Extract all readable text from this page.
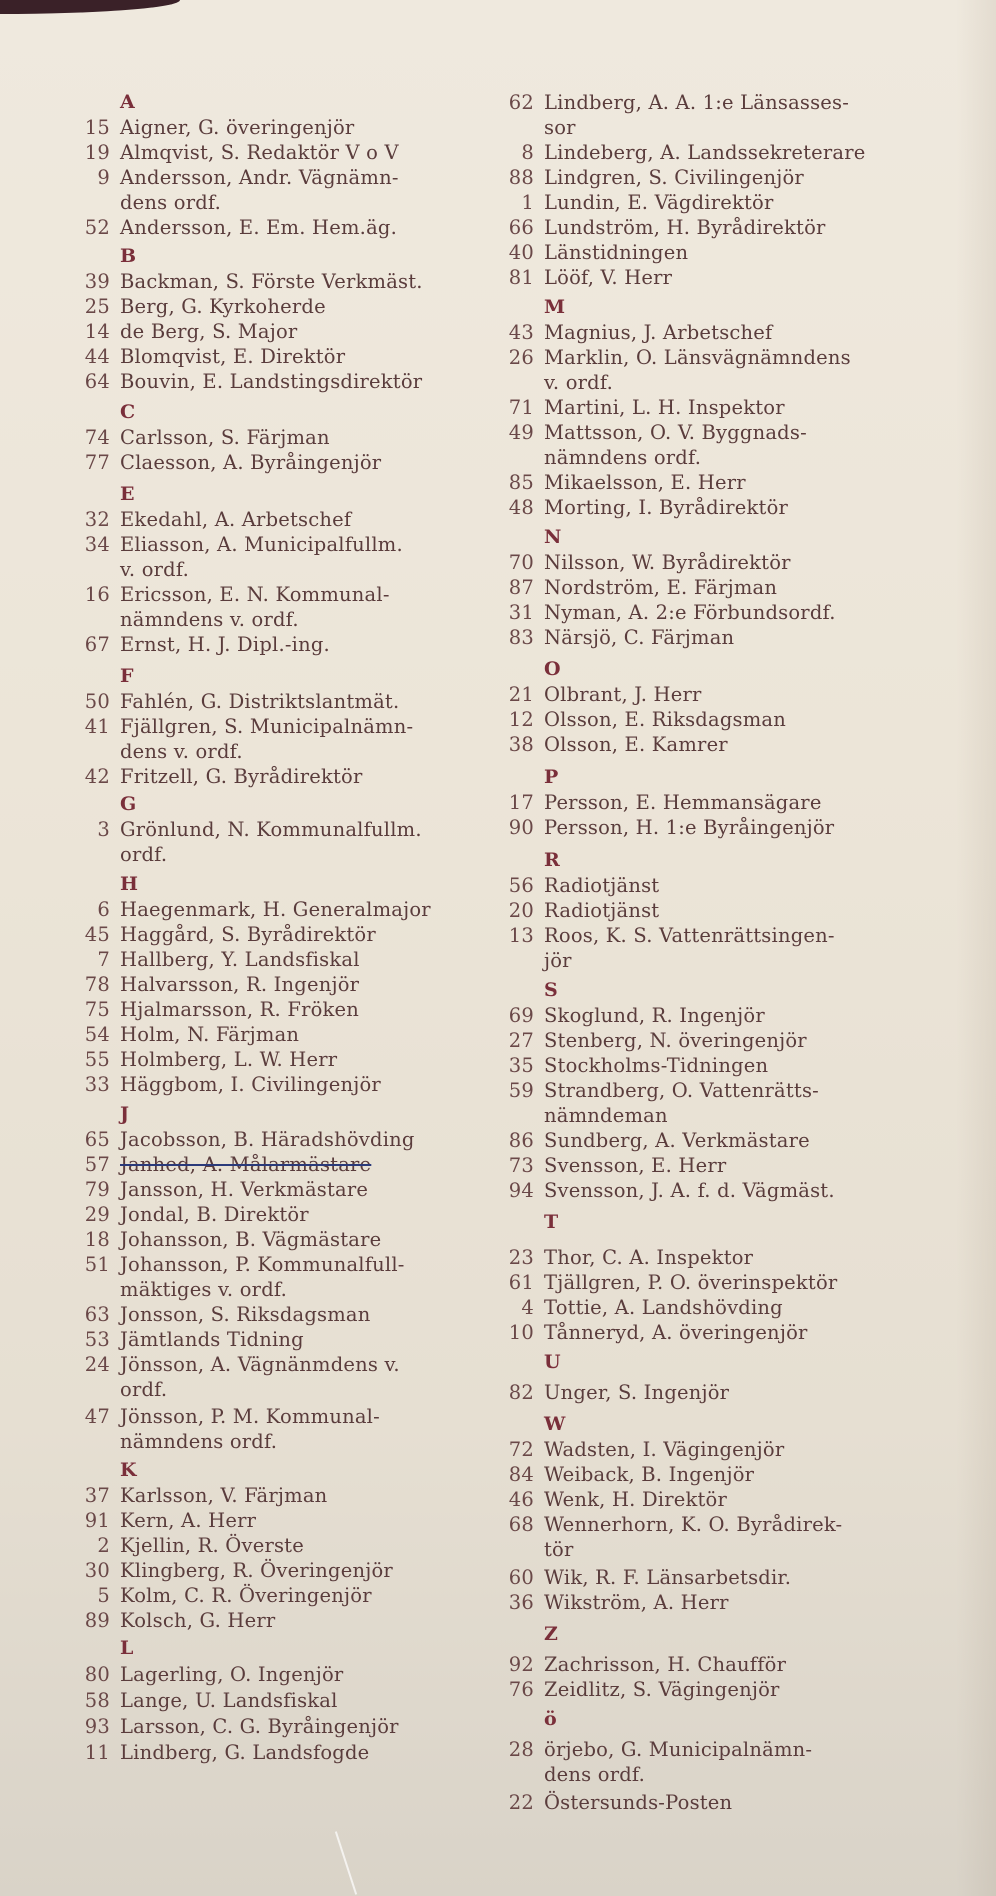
A
15 Aigner, G. överingenjör
19 Almqvist, S. Redaktör V o V
9 Andersson, Andr. Vägnämn-
dens ordf.
52 Andersson, E. Em. Hem.äg.
B
39 Backman, S. Förste Verkmäst.
25 Berg, G. Kyrkoherde
14 de Berg, S. Major
44 Blomqvist, E. Direktör
64 Bouvin, E. Landstingsdirektör
C
74 Carlsson, S. Färjman
77 Claesson, A. Byråingenjör
E
32 Ekedahl, A. Arbetschef
34 Eliasson, A. Municipalfullm.
v. ordf.
16 Ericsson, E. N. Kommunal-
nämndens v. ordf.
67 Ernst, H. J. Dipl.-ing.
F
50 Fahlén, G. Distriktslantmät.
41 Fjällgren, S. Municipalnämn-
dens v. ordf.
42 Fritzell, G. Byrådirektör
G
3 Grönlund, N. Kommunalfullm.
ordf.
H
6 Haegenmark, H. Generalmajor
45 Haggård, S. Byrådirektör
7 Hallberg, Y. Landsfiskal
78 Halvarsson, R. Ingenjör
75 Hjalmarsson, R. Fröken
54 Holm, N. Färjman
55 Holmberg, L. W. Herr
33 Häggbom, I. Civilingenjör
J
65 Jacobsson, B. Häradshövding
57 Janhed, A. Målarmästare
79 Jansson, H. Verkmästare
29 Jondal, B. Direktör
18 Johansson, B. Vägmästare
51 Johansson, P. Kommunalfull-
mäktiges v. ordf.
63 Jonsson, S. Riksdagsman
53 Jämtlands Tidning
24 Jönsson, A. Vägnänmdens v.
ordf.
47 Jönsson, P. M. Kommunal-
nämndens ordf.
K
37 Karlsson, V. Färjman
91 Kern, A. Herr
2 Kjellin, R. Överste
30 Klingberg, R. Överingenjör
5 Kolm, C. R. Överingenjör
89 Kolsch, G. Herr
L
80 Lagerling, O. Ingenjör
58 Lange, U. Landsfiskal
93 Larsson, C. G. Byråingenjör
11 Lindberg, G. Landsfogde
62 Lindberg, A. A. 1:e Länsasses-
sor
8 Lindeberg, A. Landssekreterare
88 Lindgren, S. Civilingenjör
1 Lundin, E. Vägdirektör
66 Lundström, H. Byrådirektör
40 Länstidningen
81 Lööf, V. Herr
M
43 Magnius, J. Arbetschef
26 Marklin, O. Länsvägnämndens
v. ordf.
71 Martini, L. H. Inspektor
49 Mattsson, O. V. Byggnads-
nämndens ordf.
85 Mikaelsson, E. Herr
48 Morting, I. Byrådirektör
N
70 Nilsson, W. Byrådirektör
87 Nordström, E. Färjman
31 Nyman, A. 2:e Förbundsordf.
83 Närsjö, C. Färjman
O
21 Olbrant, J. Herr
12 Olsson, E. Riksdagsman
38 Olsson, E. Kamrer
P
17 Persson, E. Hemmansägare
90 Persson, H. 1:e Byråingenjör
R
56 Radiotjänst
20 Radiotjänst
13 Roos, K. S. Vattenrättsingen-
jör
S
69 Skoglund, R. Ingenjör
27 Stenberg, N. överingenjör
35 Stockholms-Tidningen
59 Strandberg, O. Vattenrätts-
nämndeman
86 Sundberg, A. Verkmästare
73 Svensson, E. Herr
94 Svensson, J. A. f. d. Vägmäst.
T
23 Thor, C. A. Inspektor
61 Tjällgren, P. O. överinspektör
4 Tottie, A. Landshövding
10 Tånneryd, A. överingenjör
U
82 Unger, S. Ingenjör
W
72 Wadsten, I. Vägingenjör
84 Weiback, B. Ingenjör
46 Wenk, H. Direktör
68 Wennerhorn, K. O. Byrådirek-
tör
60 Wik, R. F. Länsarbetsdir.
36 Wikström, A. Herr
Z
92 Zachrisson, H. Chaufför
76 Zeidlitz, S. Vägingenjör
ö
28 örjebo, G. Municipalnämn-
dens ordf.
22 Östersunds-Posten
